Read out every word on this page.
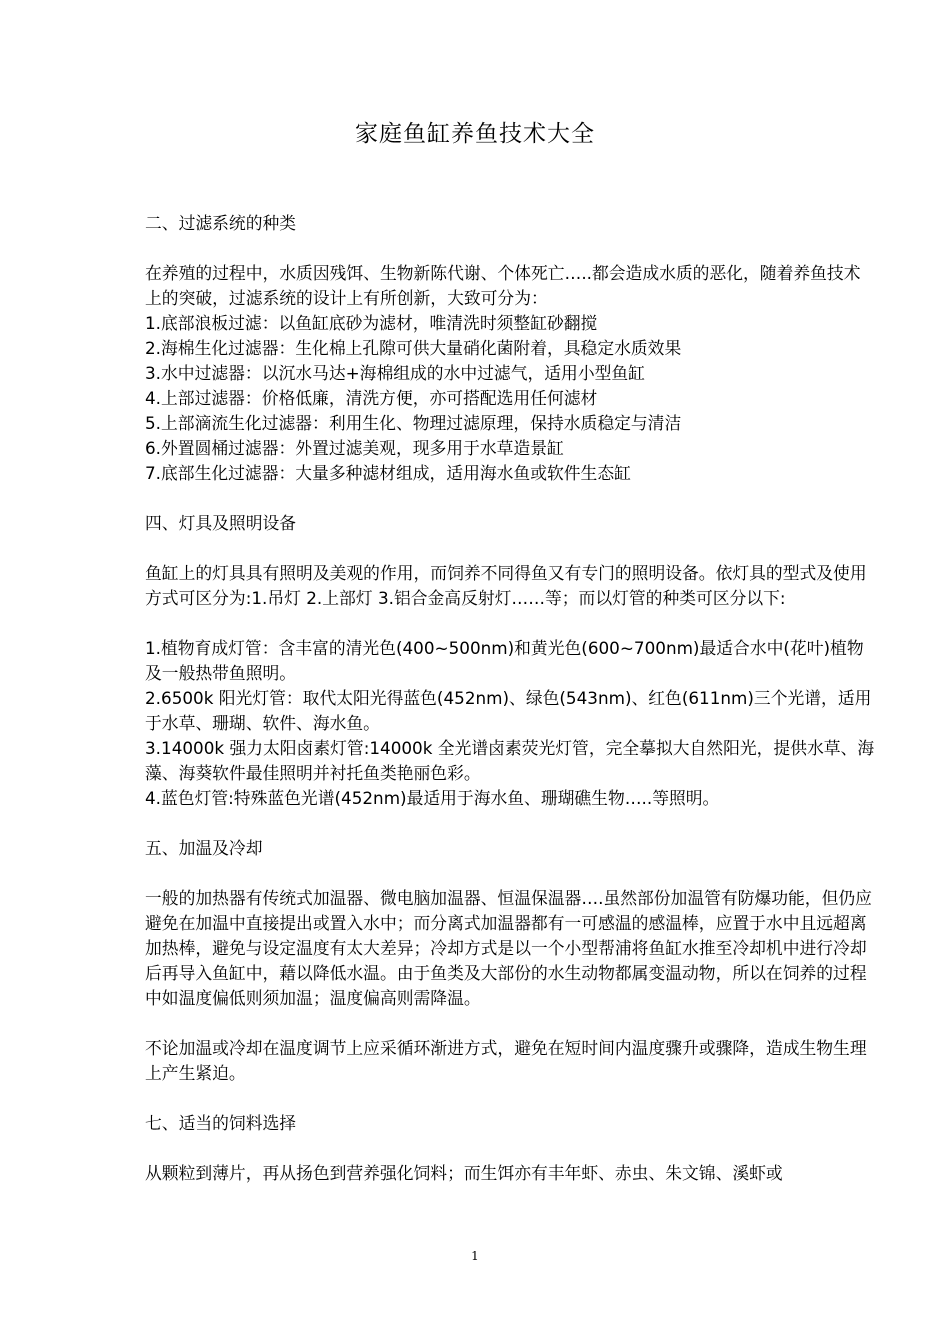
家庭鱼缸养鱼技术大全

二、过滤系统的种类

在养殖的过程中，水质因残饵、生物新陈代谢、个体死亡…..都会造成水质的恶化，随着养鱼技术上的突破，过滤系统的设计上有所创新，大致可分为：

1.底部浪板过滤：以鱼缸底砂为滤材，唯清洗时须整缸砂翻搅

2.海棉生化过滤器：生化棉上孔隙可供大量硝化菌附着，具稳定水质效果

3.水中过滤器：以沉水马达+海棉组成的水中过滤气，适用小型鱼缸

4.上部过滤器：价格低廉，清洗方便，亦可搭配选用任何滤材

5.上部滴流生化过滤器：利用生化、物理过滤原理，保持水质稳定与清洁

6.外置圆桶过滤器：外置过滤美观，现多用于水草造景缸

7.底部生化过滤器：大量多种滤材组成，适用海水鱼或软件生态缸

四、灯具及照明设备

鱼缸上的灯具具有照明及美观的作用，而饲养不同得鱼又有专门的照明设备。依灯具的型式及使用方式可区分为:1.吊灯 2.上部灯 3.铝合金高反射灯……等；而以灯管的种类可区分以下:

1.植物育成灯管：含丰富的清光色(400~500nm)和黄光色(600~700nm)最适合水中(花叶)植物及一般热带鱼照明。

2.6500k 阳光灯管：取代太阳光得蓝色(452nm)、绿色(543nm)、红色(611nm)三个光谱，适用于水草、珊瑚、软件、海水鱼。

3.14000k 强力太阳卤素灯管:14000k 全光谱卤素荧光灯管，完全摹拟大自然阳光，提供水草、海藻、海葵软件最佳照明并衬托鱼类艳丽色彩。

4.蓝色灯管:特殊蓝色光谱(452nm)最适用于海水鱼、珊瑚礁生物…..等照明。

五、加温及冷却

一般的加热器有传统式加温器、微电脑加温器、恒温保温器….虽然部份加温管有防爆功能，但仍应避免在加温中直接提出或置入水中；而分离式加温器都有一可感温的感温棒，应置于水中且远超离加热棒，避免与设定温度有太大差异；冷却方式是以一个小型帮浦将鱼缸水推至冷却机中进行冷却后再导入鱼缸中，藉以降低水温。由于鱼类及大部份的水生动物都属变温动物，所以在饲养的过程中如温度偏低则须加温；温度偏高则需降温。

不论加温或冷却在温度调节上应采循环渐进方式，避免在短时间内温度骤升或骤降，造成生物生理上产生紧迫。

七、适当的饲料选择

从颗粒到薄片，再从扬色到营养强化饲料；而生饵亦有丰年虾、赤虫、朱文锦、溪虾或

1
